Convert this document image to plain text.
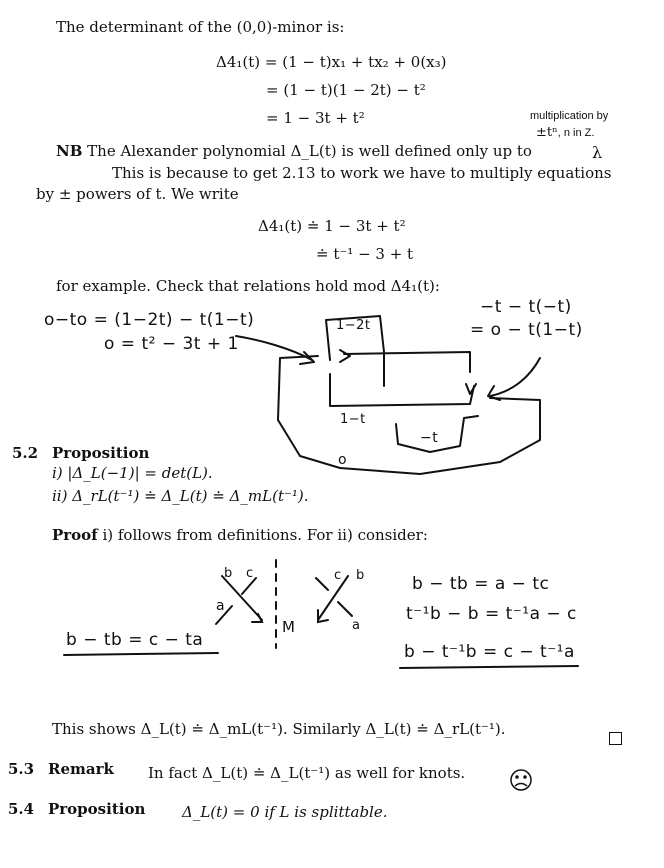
The determinant of the (0,0)-minor is:
Δ4₁(t) = (1 − t)x₁ + tx₂ + 0(x₃)
= (1 − t)(1 − 2t) − t²
= 1 − 3t + t²	multiplication by
±tⁿ, n in Z.
NB The Alexander polynomial Δ_L(t) is well defined only up to	λ
This is because to get 2.13 to work we have to multiply equations
by ± powers of t. We write
Δ4₁(t) ≐ 1 − 3t + t²
≐ t⁻¹ − 3 + t
for example. Check that relations hold mod Δ4₁(t):
o−to = (1−2t) − t(1−t)
o = t² − 3t + 1
−t − t(−t)
= o − t(1−t)
1−2t
1−t
−t
o
5.2 Proposition
i) |Δ_L(−1)| = det(L).
ii) Δ_rL(t⁻¹) ≐ Δ_L(t) ≐ Δ_mL(t⁻¹).
Proof i) follows from definitions. For ii) consider:
b c
a
M
c b
a
b − tb = c − ta
b − tb = a − tc
t⁻¹b − b = t⁻¹a − c
b − t⁻¹b = c − t⁻¹a
This shows Δ_L(t) ≐ Δ_mL(t⁻¹). Similarly Δ_L(t) ≐ Δ_rL(t⁻¹).
5.3 Remark In fact Δ_L(t) ≐ Δ_L(t⁻¹) as well for knots.
5.4 Proposition Δ_L(t) = 0 if L is splittable.
